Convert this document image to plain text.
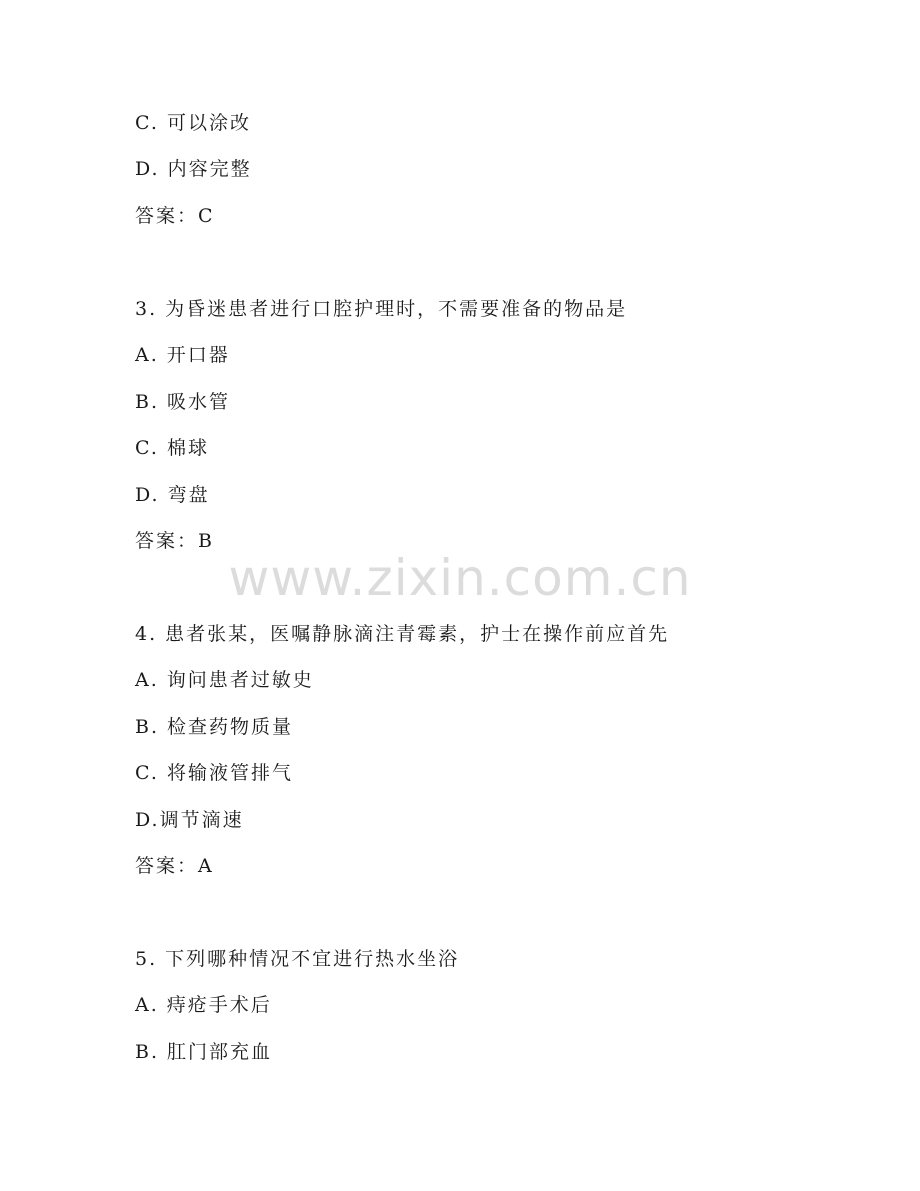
C. 可以涂改
D. 内容完整
答案：C
3. 为昏迷患者进行口腔护理时，不需要准备的物品是
A. 开口器
B. 吸水管
C. 棉球
D. 弯盘
答案：B
www.zixin.com.cn
4. 患者张某，医嘱静脉滴注青霉素，护士在操作前应首先
A. 询问患者过敏史
B. 检查药物质量
C. 将输液管排气
D.调节滴速
答案：A
5. 下列哪种情况不宜进行热水坐浴
A. 痔疮手术后
B. 肛门部充血
